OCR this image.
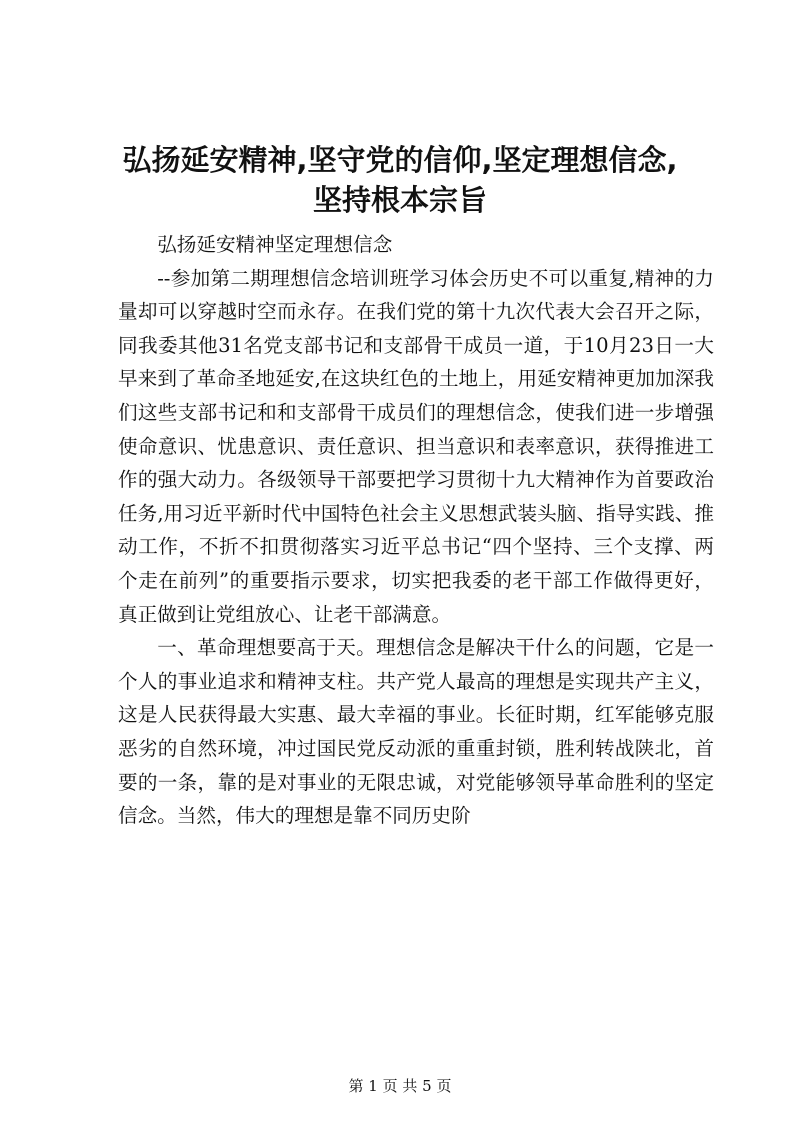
弘扬延安精神,坚守党的信仰,坚定理想信念,
坚持根本宗旨

弘扬延安精神坚定理想信念

--参加第二期理想信念培训班学习体会历史不可以重复,精神的力量却可以穿越时空而永存。在我们党的第十九次代表大会召开之际，同我委其他31名党支部书记和支部骨干成员一道，于10月23日一大早来到了革命圣地延安,在这块红色的土地上，用延安精神更加加深我们这些支部书记和和支部骨干成员们的理想信念，使我们进一步增强使命意识、忧患意识、责任意识、担当意识和表率意识，获得推进工作的强大动力。各级领导干部要把学习贯彻十九大精神作为首要政治任务,用习近平新时代中国特色社会主义思想武装头脑、指导实践、推动工作，不折不扣贯彻落实习近平总书记“四个坚持、三个支撑、两个走在前列”的重要指示要求，切实把我委的老干部工作做得更好，真正做到让党组放心、让老干部满意。

一、革命理想要高于天。理想信念是解决干什么的问题，它是一个人的事业追求和精神支柱。共产党人最高的理想是实现共产主义，这是人民获得最大实惠、最大幸福的事业。长征时期，红军能够克服恶劣的自然环境，冲过国民党反动派的重重封锁，胜利转战陕北，首要的一条，靠的是对事业的无限忠诚，对党能够领导革命胜利的坚定信念。当然，伟大的理想是靠不同历史阶

第 1 页 共 5 页
